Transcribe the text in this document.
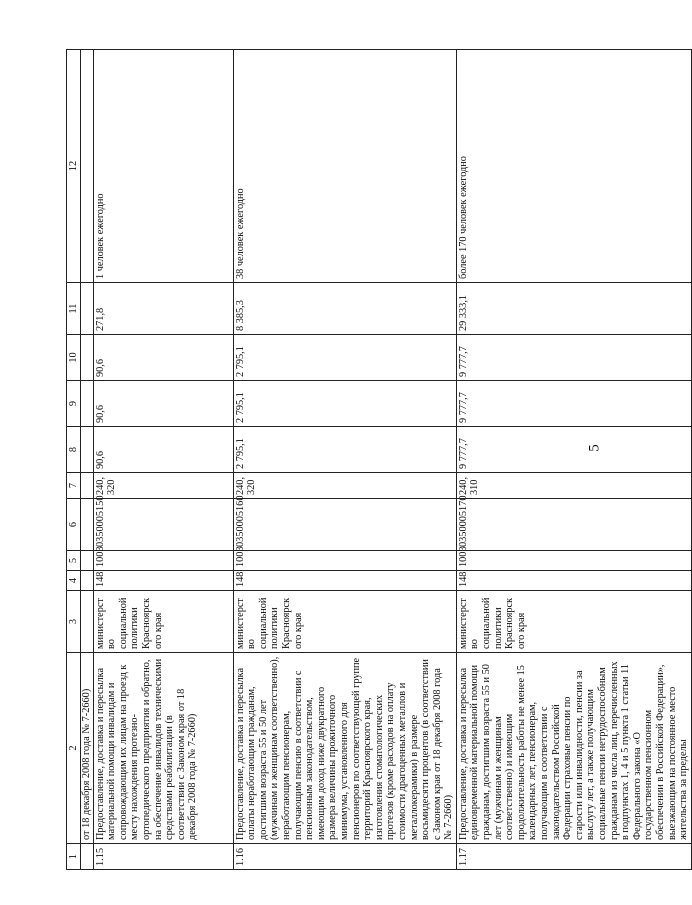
5
1	2	3	4	5	6	7	8	9	10	11	12
	от 18 декабря 2008 года № 7-2660)										
1.15	Предоставление, доставка и пересылка материальной помощи инвалидам и сопровождающим их лицам на проезд к месту нахождения протезно-ортопедического предприятия и обратно, на обеспечение инвалидов техническими средствами реабилитации (в соответствии с Законом края от 18 декабря 2008 года № 7-2660)	министерство социальной политики Красноярского края	148	1003	0350005150	240, 320	90,6	90,6	90,6	271,8	1 человек ежегодно
1.16	Предоставление, доставка и пересылка оплаты неработающим гражданам, достигшим возраста 55 и 50 лет (мужчинам и женщинам соответственно), неработающим пенсионерам, получающим пенсию в соответствии с пенсионным законодательством, имеющим доход ниже двукратного размера величины прожиточного минимума, установленного для пенсионеров по соответствующей группе территорий Красноярского края, изготовления стоматологических протезов (кроме расходов на оплату стоимости драгоценных металлов и металлокерамики) в размере восьмидесяти процентов (в соответствии с Законом края от 18 декабря 2008 года № 7-2660)	министерство социальной политики Красноярского края	148	1003	0350005160	240, 320	2 795,1	2 795,1	2 795,1	8 385,3	38 человек ежегодно
1.17	Предоставление, доставка и пересылка единовременной материальной помощи гражданам, достигшим возраста 55 и 50 лет (мужчинам и женщинам соответственно) и имеющим продолжительность работы не менее 15 календарных лет, пенсионерам, получающим в соответствии с законодательством Российской Федерации страховые пенсии по старости или инвалидности, пенсии за выслугу лет, а также получающим социальные пенсии нетрудоспособным гражданам из числа лиц, перечисленных в подпунктах 1, 4 и 5 пункта 1 статьи 11 Федерального закона «О государственном пенсионном обеспечении в Российской Федерации», выезжающим на постоянное место жительства за пределы	министерство социальной политики Красноярского края	148	1003	0350005170	240, 310	9 777,7	9 777,7	9 777,7	29 333,1	более 170 человек ежегодно
